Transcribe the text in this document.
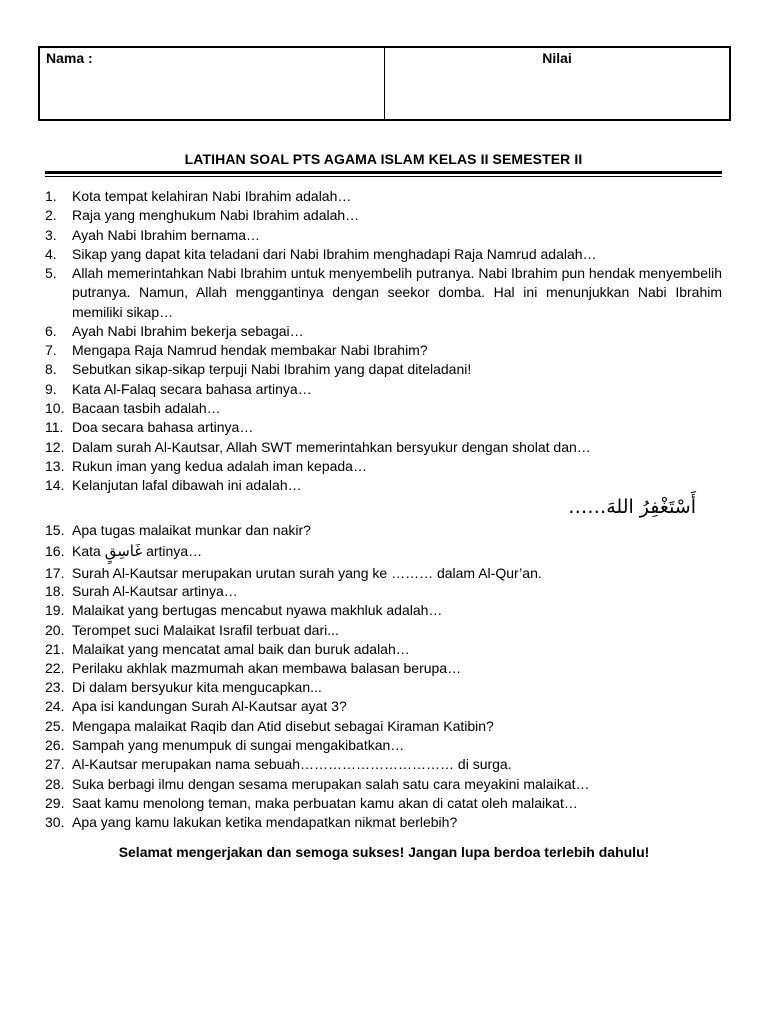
Nama :	Nilai
LATIHAN SOAL PTS AGAMA ISLAM KELAS II SEMESTER II
1.	Kota tempat kelahiran Nabi Ibrahim adalah…
2.	Raja yang menghukum Nabi Ibrahim adalah…
3.	Ayah Nabi Ibrahim bernama…
4.	Sikap yang dapat kita teladani dari Nabi Ibrahim menghadapi Raja Namrud adalah…
5.	Allah memerintahkan Nabi Ibrahim untuk menyembelih putranya. Nabi Ibrahim pun hendak menyembelih putranya. Namun, Allah menggantinya dengan seekor domba. Hal ini menunjukkan Nabi Ibrahim memiliki sikap…
6.	Ayah Nabi Ibrahim bekerja sebagai…
7.	Mengapa Raja Namrud hendak membakar Nabi Ibrahim?
8.	Sebutkan sikap-sikap terpuji Nabi Ibrahim yang dapat diteladani!
9.	Kata Al-Falaq secara bahasa artinya…
10. Bacaan tasbih adalah…
11. Doa secara bahasa artinya…
12. Dalam surah Al-Kautsar, Allah SWT memerintahkan bersyukur dengan sholat dan…
13. Rukun iman yang kedua adalah iman kepada…
14. Kelanjutan lafal dibawah ini adalah…
أَسْتَغْفِرُ اللهَ……
15. Apa tugas malaikat munkar dan nakir?
16. Kata غَاسِقٍ artinya…
17. Surah Al-Kautsar merupakan urutan surah yang ke ……… dalam Al-Qur’an.
18. Surah Al-Kautsar artinya…
19. Malaikat yang bertugas mencabut nyawa makhluk adalah…
20. Terompet suci Malaikat Israfil terbuat dari...
21. Malaikat yang mencatat amal baik dan buruk adalah…
22. Perilaku akhlak mazmumah akan membawa balasan berupa…
23. Di dalam bersyukur kita mengucapkan...
24. Apa isi kandungan Surah Al-Kautsar ayat 3?
25. Mengapa malaikat Raqib dan Atid disebut sebagai Kiraman Katibin?
26. Sampah yang menumpuk di sungai mengakibatkan…
27. Al-Kautsar merupakan nama sebuah…………………………… di surga.
28. Suka berbagi ilmu dengan sesama merupakan salah satu cara meyakini malaikat…
29. Saat kamu menolong teman, maka perbuatan kamu akan di catat oleh malaikat…
30. Apa yang kamu lakukan ketika mendapatkan nikmat berlebih?
Selamat mengerjakan dan semoga sukses! Jangan lupa berdoa terlebih dahulu!
